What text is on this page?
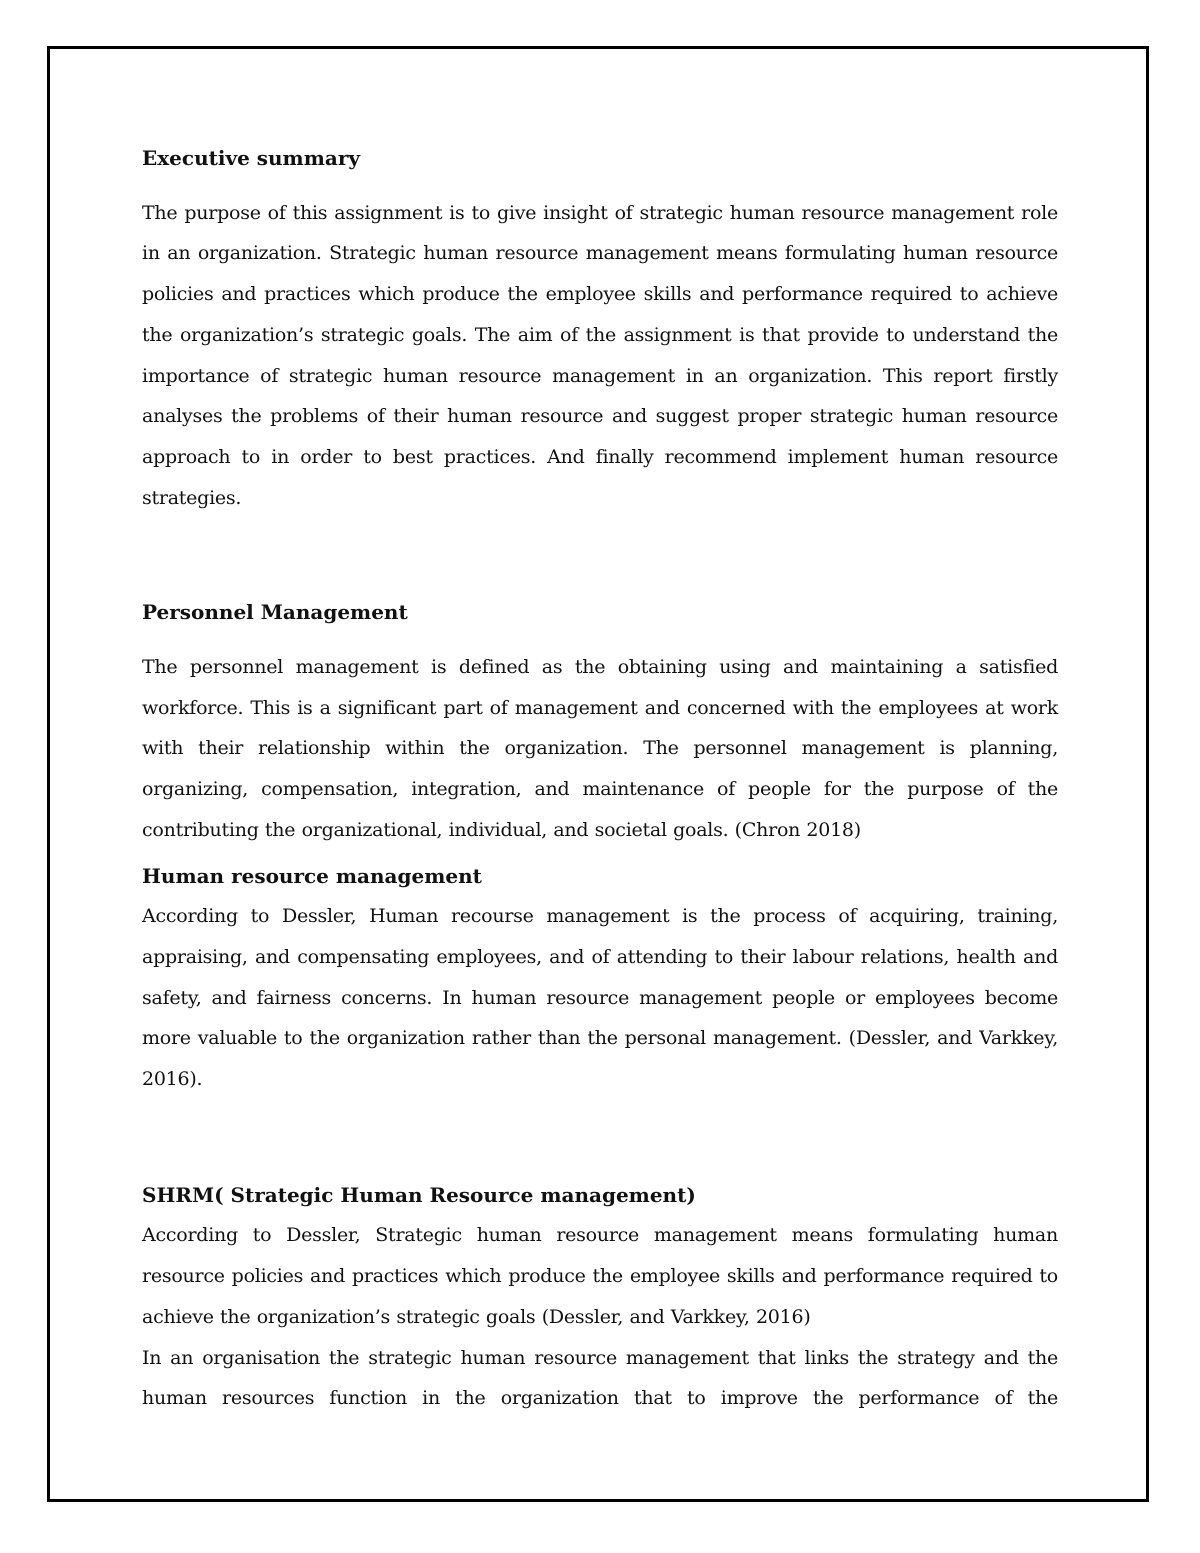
Executive summary

The purpose of this assignment is to give insight of strategic human resource management role in an organization. Strategic human resource management means formulating human resource policies and practices which produce the employee skills and performance required to achieve the organization’s strategic goals. The aim of the assignment is that provide to understand the importance of strategic human resource management in an organization. This report firstly analyses the problems of their human resource and suggest proper strategic human resource approach to in order to best practices. And finally recommend implement human resource strategies.

Personnel Management

The personnel management is defined as the obtaining using and maintaining a satisfied workforce. This is a significant part of management and concerned with the employees at work with their relationship within the organization. The personnel management is planning, organizing, compensation, integration, and maintenance of people for the purpose of the contributing the organizational, individual, and societal goals. (Chron 2018)

Human resource management

According to Dessler, Human recourse management is the process of acquiring, training, appraising, and compensating employees, and of attending to their labour relations, health and safety, and fairness concerns. In human resource management people or employees become more valuable to the organization rather than the personal management. (Dessler, and Varkkey, 2016).

SHRM( Strategic Human Resource management)

According to Dessler, Strategic human resource management means formulating human resource policies and practices which produce the employee skills and performance required to achieve the organization’s strategic goals (Dessler, and Varkkey, 2016)

In an organisation the strategic human resource management that links the strategy and the human resources function in the organization that to improve the performance of the
